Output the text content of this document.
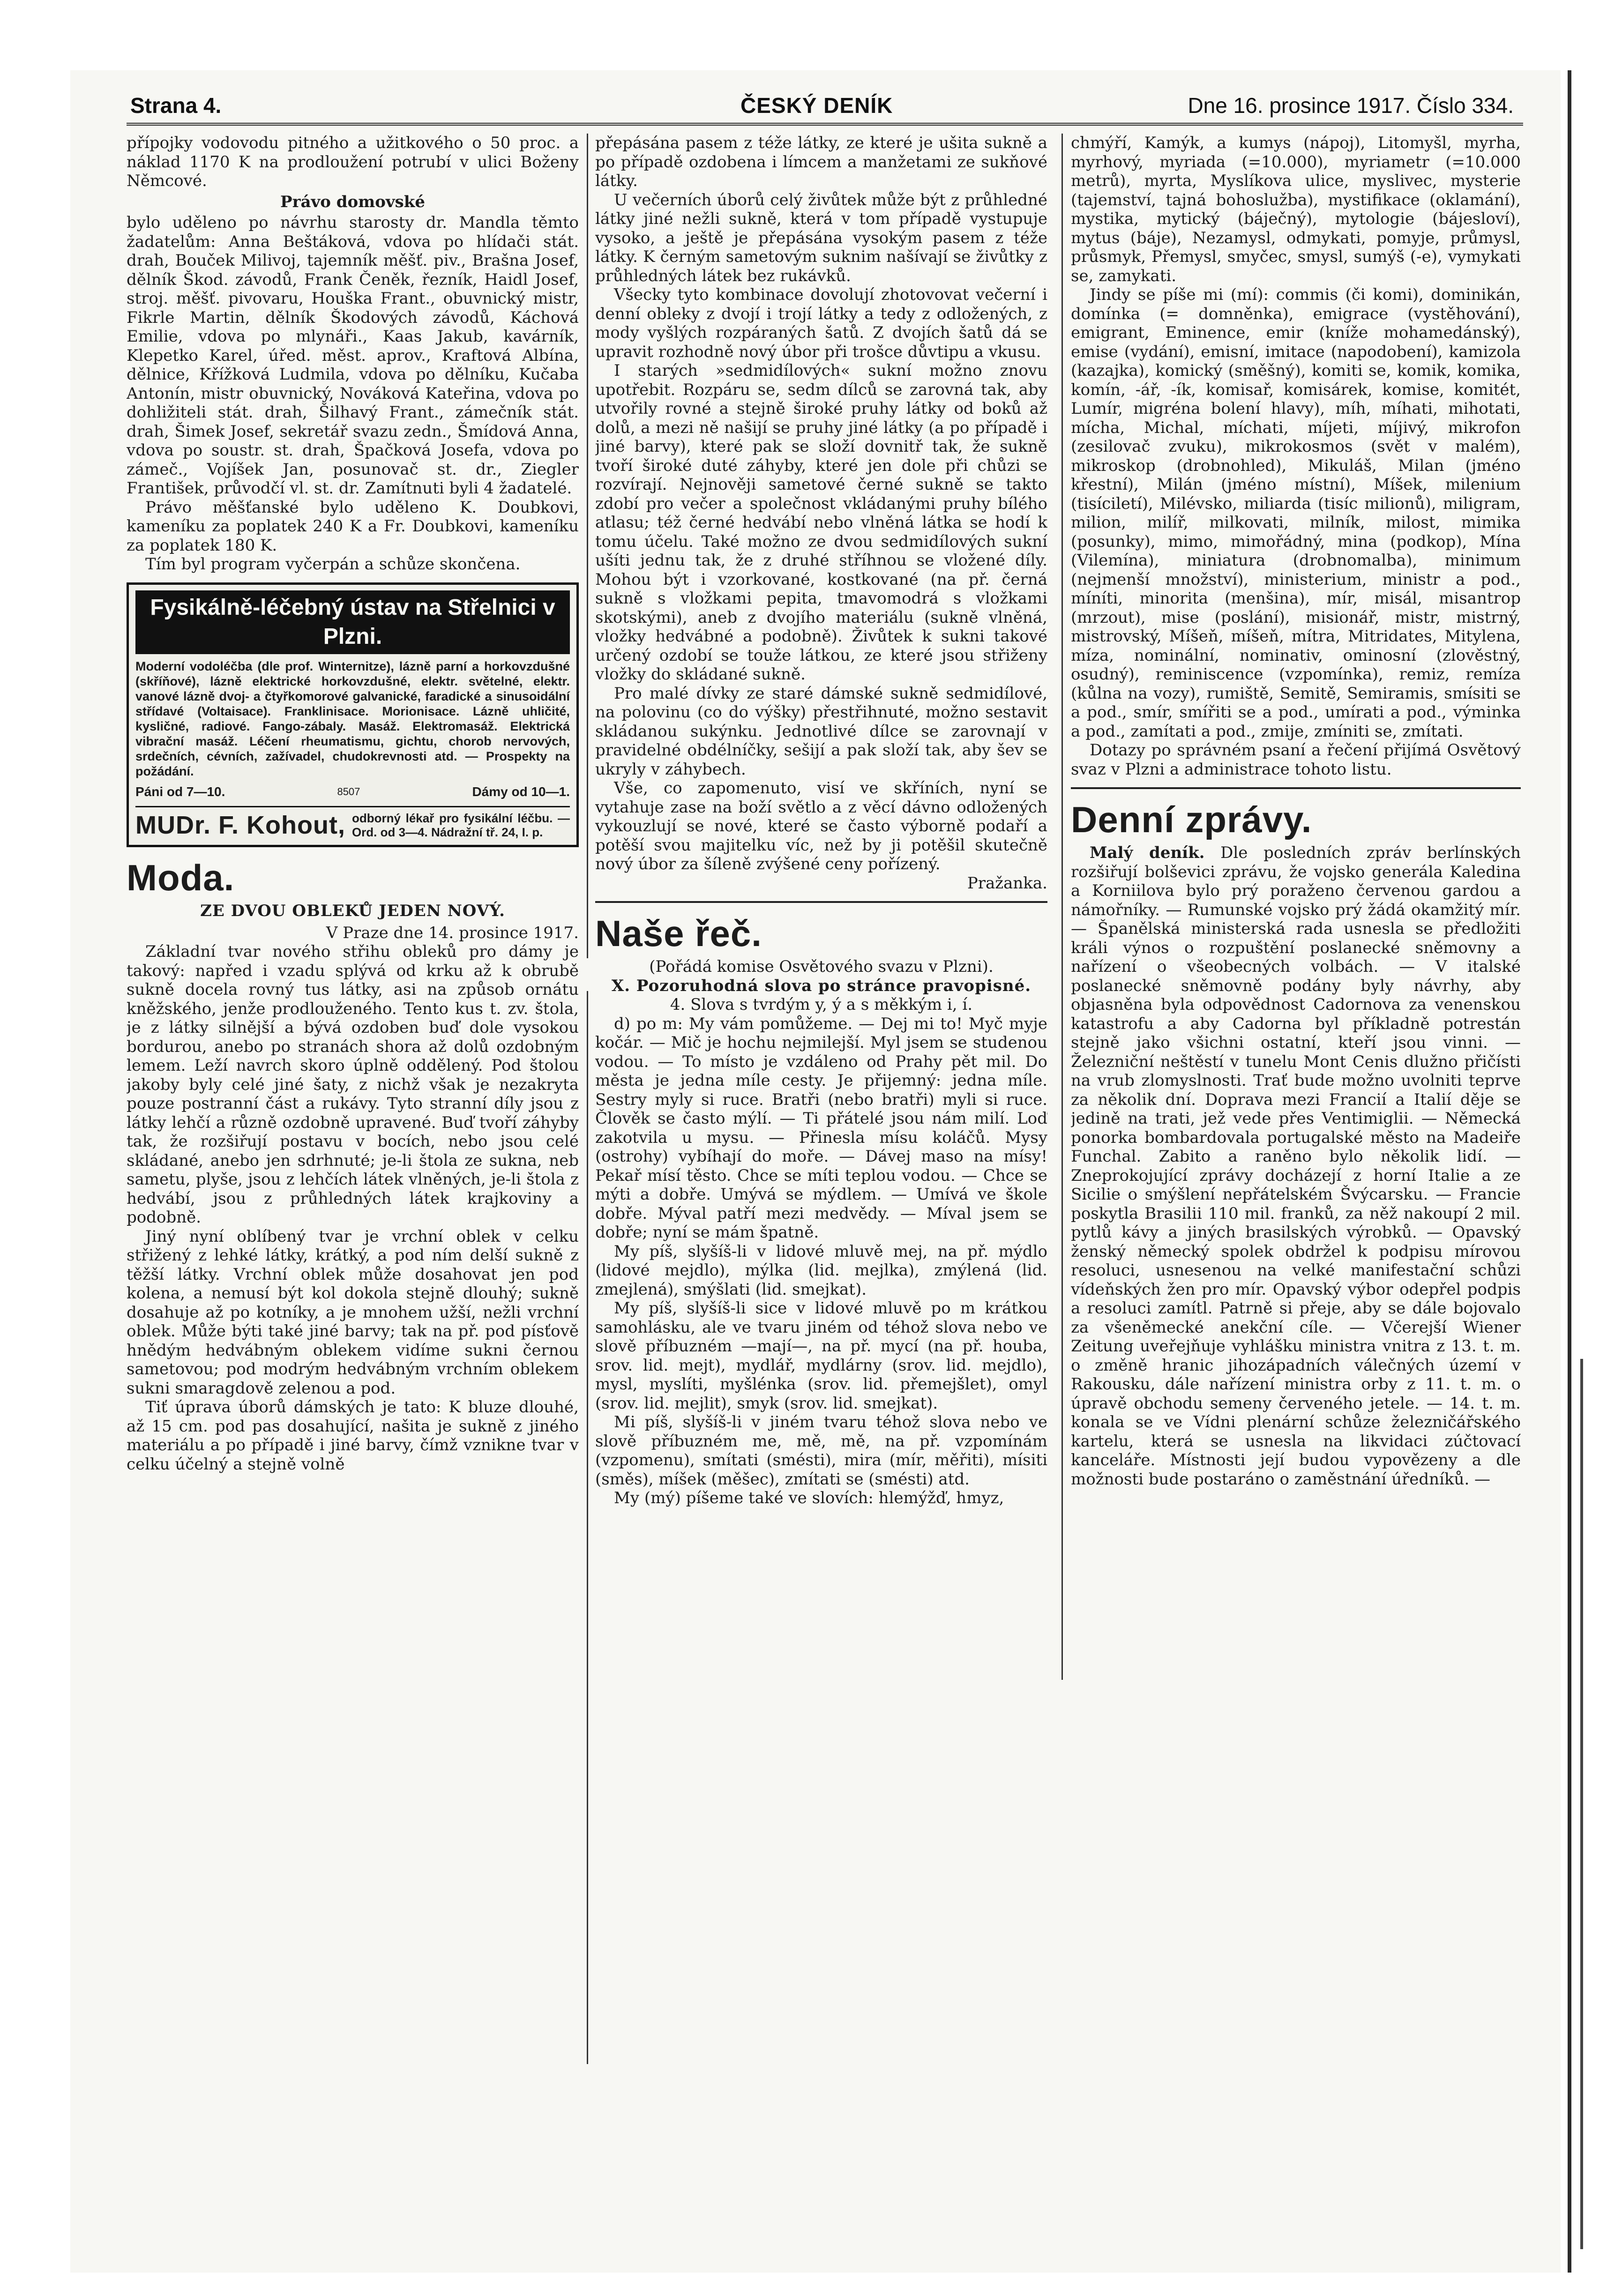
Strana 4.	ČESKÝ DENÍK	Dne 16. prosince 1917. Číslo 334.

přípojky vodovodu pitného a užitkového o 50 proc. a náklad 1170 K na prodloužení potrubí v ulici Boženy Němcové.

Právo domovské

bylo uděleno po návrhu starosty dr. Mandla těmto žadatelům: Anna Beštáková, vdova po hlídači stát. drah, Bouček Milivoj, tajemník měšť. piv., Brašna Josef, dělník Škod. závodů, Frank Čeněk, řezník, Haidl Josef, stroj. měšť. pivovaru, Houška Frant., obuvnický mistr, Fikrle Martin, dělník Škodových závodů, Káchová Emilie, vdova po mlynáři., Kaas Jakub, kavárník, Klepetko Karel, úřed. měst. aprov., Kraftová Albína, dělnice, Křížková Ludmila, vdova po dělníku, Kučaba Antonín, mistr obuvnický, Nováková Kateřina, vdova po dohližiteli stát. drah, Šilhavý Frant., zámečník stát. drah, Šimek Josef, sekretář svazu zedn., Šmídová Anna, vdova po soustr. st. drah, Špačková Josefa, vdova po zámeč., Vojíšek Jan, posunovač st. dr., Ziegler František, průvodčí vl. st. dr. Zamítnuti byli 4 žadatelé.

Právo měšťanské bylo uděleno K. Doubkovi, kameníku za poplatek 240 K a Fr. Doubkovi, kameníku za poplatek 180 K.

Tím byl program vyčerpán a schůze skončena.

Fysikálně-léčebný ústav na Střelnici v Plzni.
Moderní vodoléčba (dle prof. Winternitze), lázně parní a horkovzdušné (skříňové), lázně elektrické horkovzdušné, elektr. světelné, elektr. vanové lázně dvoj- a čtyřkomorové galvanické, faradické a sinusoidální střídavé (Voltaisace). Franklinisace. Morionisace. Lázně uhličité, kysličné, radiové. Fango-zábaly. Masáž. Elektromasáž. Elektrická vibrační masáž. Léčení rheumatismu, gichtu, chorob nervových, srdečních, cévních, zažívadel, chudokrevnosti atd. — Prospekty na požádání.
Páni od 7—10.	8507	Dámy od 10—1.
MUDr. F. Kohout, odborný lékař pro fysikální léčbu. — Ord. od 3—4. Nádražní tř. 24, I. p.
Moda.
ZE DVOU OBLEKŮ JEDEN NOVÝ.

V Praze dne 14. prosince 1917.

Základní tvar nového střihu obleků pro dámy je takový: napřed i vzadu splývá od krku až k obrubě sukně docela rovný tus látky, asi na způsob ornátu kněžského, jenže prodlouženého. Tento kus t. zv. štola, je z látky silnější a bývá ozdoben buď dole vysokou bordurou, anebo po stranách shora až dolů ozdobným lemem. Leží navrch skoro úplně oddělený. Pod štolou jakoby byly celé jiné šaty, z nichž však je nezakryta pouze postranní část a rukávy. Tyto stranní díly jsou z látky lehčí a různě ozdobně upravené. Buď tvoří záhyby tak, že rozšiřují postavu v bocích, nebo jsou celé skládané, anebo jen sdrhnuté; je-li štola ze sukna, neb sametu, plyše, jsou z lehčích látek vlněných, je-li štola z hedvábí, jsou z průhledných látek krajkoviny a podobně.

Jiný nyní oblíbený tvar je vrchní oblek v celku střižený z lehké látky, krátký, a pod ním delší sukně z těžší látky. Vrchní oblek může dosahovat jen pod kolena, a nemusí být kol dokola stejně dlouhý; sukně dosahuje až po kotníky, a je mnohem užší, nežli vrchní oblek. Může býti také jiné barvy; tak na př. pod písťově hnědým hedvábným oblekem vidíme sukni černou sametovou; pod modrým hedvábným vrchním oblekem sukni smaragdově zelenou a pod.

Tiť úprava úborů dámských je tato: K bluze dlouhé, až 15 cm. pod pas dosahující, našita je sukně z jiného materiálu a po případě i jiné barvy, čímž vznikne tvar v celku účelný a stejně volně

přepásána pasem z téže látky, ze které je ušita sukně a po případě ozdobena i límcem a manžetami ze sukňové látky.

U večerních úborů celý živůtek může být z průhledné látky jiné nežli sukně, která v tom případě vystupuje vysoko, a ještě je přepásána vysokým pasem z téže látky. K černým sametovým suknim našívají se živůtky z průhledných látek bez rukávků.

Všecky tyto kombinace dovolují zhotovovat večerní i denní obleky z dvojí i trojí látky a tedy z odložených, z mody vyšlých rozpáraných šatů. Z dvojích šatů dá se upravit rozhodně nový úbor při trošce důvtipu a vkusu.

I starých »sedmidílových« sukní možno znovu upotřebit. Rozpáru se, sedm dílců se zarovná tak, aby utvořily rovné a stejně široké pruhy látky od boků až dolů, a mezi ně našijí se pruhy jiné látky (a po případě i jiné barvy), které pak se složí dovnitř tak, že sukně tvoří široké duté záhyby, které jen dole při chůzi se rozvírají. Nejnověji sametové černé sukně se takto zdobí pro večer a společnost vkládanými pruhy bílého atlasu; též černé hedvábí nebo vlněná látka se hodí k tomu účelu. Také možno ze dvou sedmidílových sukní ušíti jednu tak, že z druhé stříhnou se vložené díly. Mohou být i vzorkované, kostkované (na př. černá sukně s vložkami pepita, tmavomodrá s vložkami skotskými), aneb z dvojího materiálu (sukně vlněná, vložky hedvábné a podobně). Živůtek k sukni takové určený ozdobí se touže látkou, ze které jsou střiženy vložky do skládané sukně.

Pro malé dívky ze staré dámské sukně sedmidílové, na polovinu (co do výšky) přestřihnuté, možno sestavit skládanou sukýnku. Jednotlivé dílce se zarovnají v pravidelné obdélníčky, sešijí a pak složí tak, aby šev se ukryly v záhybech.

Vše, co zapomenuto, visí ve skříních, nyní se vytahuje zase na boží světlo a z věcí dávno odložených vykouzlují se nové, které se často výborně podaří a potěší svou majitelku víc, než by ji potěšil skutečně nový úbor za šíleně zvýšené ceny pořízený.

Pražanka.

Naše řeč.

(Pořádá komise Osvětového svazu v Plzni).

X. Pozoruhodná slova po stránce pravopisné.

4. Slova s tvrdým y, ý a s měkkým i, í.

d) po m: My vám pomůžeme. — Dej mi to! Myč myje kočár. — Mič je hochu nejmilejší. Myl jsem se studenou vodou. — To místo je vzdáleno od Prahy pět mil. Do města je jedna míle cesty. Je přijemný: jedna míle. Sestry myly si ruce. Bratři (nebo bratři) myli si ruce. Člověk se často mýlí. — Ti přátelé jsou nám milí. Loď zakotvila u mysu. — Přinesla mísu koláčů. Mysy (ostrohy) vybíhají do moře. — Dávej maso na mísy! Pekař mísí těsto. Chce se míti teplou vodou. — Chce se mýti a dobře. Umývá se mýdlem. — Umívá ve škole dobře. Mýval patří mezi medvědy. — Míval jsem se dobře; nyní se mám špatně.

My píš, slyšíš-li v lidové mluvě mej, na př. mýdlo (lidové mejdlo), mýlka (lid. mejlka), zmýlená (lid. zmejlená), smýšlati (lid. smejkat).

My píš, slyšíš-li sice v lidové mluvě po m krátkou samohlásku, ale ve tvaru jiném od téhož slova nebo ve slově příbuzném —mají—, na př. mycí (na př. houba, srov. lid. mejt), mydlář, mydlárny (srov. lid. mejdlo), mysl, myslíti, myšlénka (srov. lid. přemejšlet), omyl (srov. lid. mejlit), smyk (srov. lid. smejkat).

Mi píš, slyšíš-li v jiném tvaru téhož slova nebo ve slově příbuzném me, mě, mě, na př. vzpomínám (vzpomenu), smítati (smésti), mira (mír, měřiti), mísiti (směs), míšek (měšec), zmítati se (smésti) atd.

My (mý) píšeme také ve slovích: hlemýžď, hmyz,

chmýří, Kamýk, a kumys (nápoj), Litomyšl, myrha, myrhový, myriada (=10.000), myriametr (=10.000 metrů), myrta, Myslíkova ulice, myslivec, mysterie (tajemství, tajná bohoslužba), mystifikace (oklamání), mystika, mytický (báječný), mytologie (bájesloví), mytus (báje), Nezamysl, odmykati, pomyje, průmysl, průsmyk, Přemysl, smyčec, smysl, sumýš (-e), vymykati se, zamykati.

Jindy se píše mi (mí): commis (či komi), dominikán, domínka (= domněnka), emigrace (vystěhování), emigrant, Eminence, emir (kníže mohamedánský), emise (vydání), emisní, imitace (napodobení), kamizola (kazajka), komický (směšný), komiti se, komik, komika, komín, -ář, -ík, komisař, komisárek, komise, komitét, Lumír, migréna bolení hlavy), míh, míhati, mihotati, mícha, Michal, míchati, míjeti, míjivý, mikrofon (zesilovač zvuku), mikrokosmos (svět v malém), mikroskop (drobnohled), Mikuláš, Milan (jméno křestní), Milán (jméno místní), Míšek, milenium (tisíciletí), Milévsko, miliarda (tisíc milionů), miligram, milion, milíř, milkovati, milník, milost, mimika (posunky), mimo, mimořádný, mina (podkop), Mína (Vilemína), miniatura (drobnomalba), minimum (nejmenší množství), ministerium, ministr a pod., míníti, minorita (menšina), mír, misál, misantrop (mrzout), mise (poslání), misionář, mistr, mistrný, mistrovský, Míšeň, míšeň, mítra, Mitridates, Mitylena, míza, nominální, nominativ, ominosní (zlověstný, osudný), reminiscence (vzpomínka), remiz, remíza (kůlna na vozy), rumiště, Semitě, Semiramis, smísiti se a pod., smír, smířiti se a pod., umírati a pod., výminka a pod., zamítati a pod., zmije, zmíniti se, zmítati.

Dotazy po správném psaní a řečení přijímá Osvětový svaz v Plzni a administrace tohoto listu.

Denní zprávy.

Malý deník. Dle posledních zpráv berlínských rozšiřují bolševici zprávu, že vojsko generála Kaledina a Korniilova bylo prý poraženo červenou gardou a námořníky. — Rumunské vojsko prý žádá okamžitý mír. — Španělská ministerská rada usnesla se předložiti králi výnos o rozpuštění poslanecké sněmovny a nařízení o všeobecných volbách. — V italské poslanecké sněmovně podány byly návrhy, aby objasněna byla odpovědnost Cadornova za venenskou katastrofu a aby Cadorna byl příkladně potrestán stejně jako všichni ostatní, kteří jsou vinni. — Železniční neštěstí v tunelu Mont Cenis dlužno přičísti na vrub zlomyslnosti. Trať bude možno uvolniti teprve za několik dní. Doprava mezi Francií a Italií děje se jedině na trati, jež vede přes Ventimiglii. — Německá ponorka bombardovala portugalské město na Madeiře Funchal. Zabito a raněno bylo několik lidí. — Zneprokojující zprávy docházejí z horní Italie a ze Sicilie o smýšlení nepřátelském Švýcarsku. — Francie poskytla Brasilii 110 mil. franků, za něž nakoupí 2 mil. pytlů kávy a jiných brasilských výrobků. — Opavský ženský německý spolek obdržel k podpisu mírovou resoluci, usnesenou na velké manifestační schůzi vídeňských žen pro mír. Opavský výbor odepřel podpis a resoluci zamítl. Patrně si přeje, aby se dále bojovalo za všeněmecké anekční cíle. — Včerejší Wiener Zeitung uveřejňuje vyhlášku ministra vnitra z 13. t. m. o změně hranic jihozápadních válečných území v Rakousku, dále nařízení ministra orby z 11. t. m. o úpravě obchodu semeny červeného jetele. — 14. t. m. konala se ve Vídni plenární schůze železničářského kartelu, která se usnesla na likvidaci zúčtovací kanceláře. Místnosti její budou vypovězeny a dle možnosti bude postaráno o zaměstnání úředníků. —
